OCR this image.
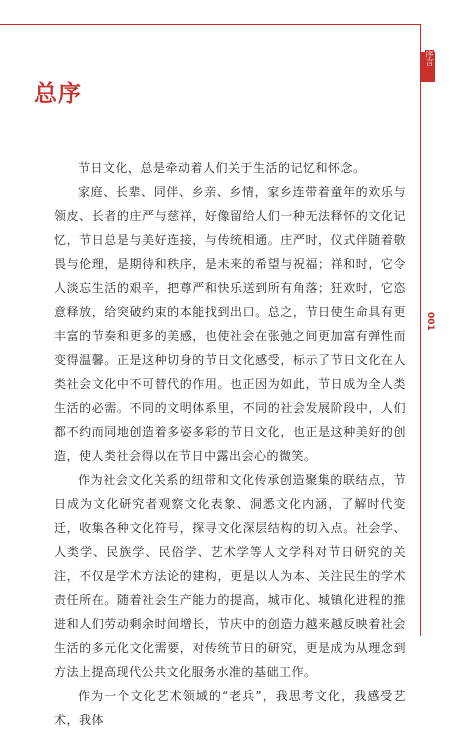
序言
001
总序

节日文化，总是牵动着人们关于生活的记忆和怀念。

家庭、长辈、同伴、乡亲、乡情，家乡连带着童年的欢乐与领皮、长者的庄严与慈祥，好像留给人们一种无法释怀的文化记忆，节日总是与美好连接，与传统相通。庄严时，仪式伴随着敬畏与伦理，是期待和秩序，是未来的希望与祝福；祥和时，它令人淡忘生活的艰辛，把尊严和快乐送到所有角落；狂欢时，它恣意释放，给突破约束的本能找到出口。总之，节日使生命具有更丰富的节奏和更多的美感，也使社会在张弛之间更加富有弹性而变得温馨。正是这种切身的节日文化感受，标示了节日文化在人类社会文化中不可替代的作用。也正因为如此，节日成为全人类生活的必需。不同的文明体系里，不同的社会发展阶段中，人们都不约而同地创造着多姿多彩的节日文化，也正是这种美好的创造，使人类社会得以在节日中露出会心的微笑。

作为社会文化关系的纽带和文化传承创造聚集的联结点，节日成为文化研究者观察文化表象、洞悉文化内涵，了解时代变迁，收集各种文化符号，探寻文化深层结构的切入点。社会学、人类学、民族学、民俗学、艺术学等人文学科对节日研究的关注，不仅是学术方法论的建构，更是以人为本、关注民生的学术责任所在。随着社会生产能力的提高，城市化、城镇化进程的推进和人们劳动剩余时间增长，节庆中的创造力越来越反映着社会生活的多元化文化需要，对传统节日的研究，更是成为从理念到方法上提高现代公共文化服务水准的基础工作。

作为一个文化艺术领域的“老兵”，我思考文化，我感受艺术，我体
